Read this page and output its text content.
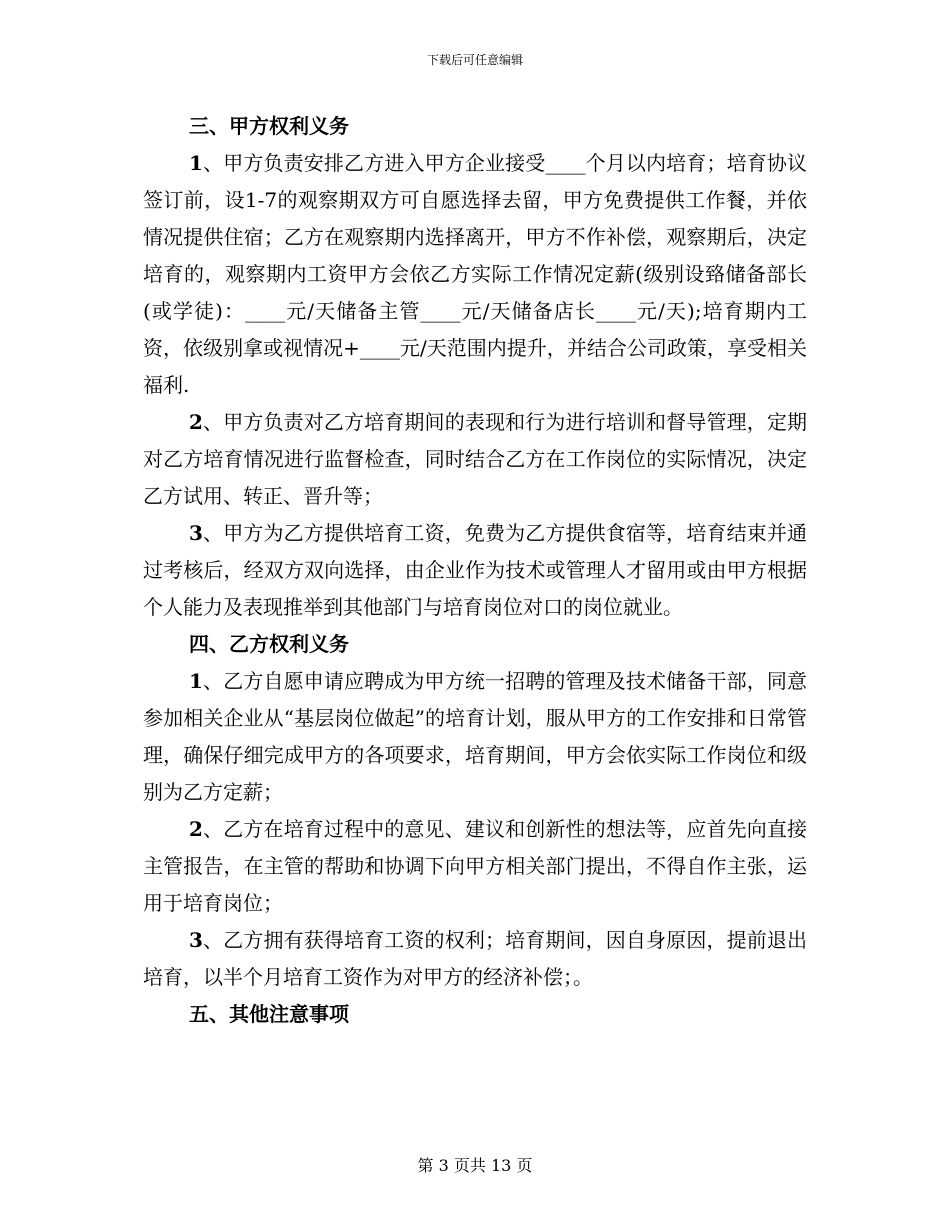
下载后可任意编辑

三、甲方权利义务

1、甲方负责安排乙方进入甲方企业接受____个月以内培育；培育协议签订前，设1-7的观察期双方可自愿选择去留，甲方免费提供工作餐，并依情况提供住宿；乙方在观察期内选择离开，甲方不作补偿，观察期后，决定培育的，观察期内工资甲方会依乙方实际工作情况定薪(级别设臵储备部长(或学徒)：____元/天储备主管____元/天储备店长____元/天);培育期内工资，依级别拿或视情况+____元/天范围内提升，并结合公司政策，享受相关福利.

2、甲方负责对乙方培育期间的表现和行为进行培训和督导管理，定期对乙方培育情况进行监督检查，同时结合乙方在工作岗位的实际情况，决定乙方试用、转正、晋升等；

3、甲方为乙方提供培育工资，免费为乙方提供食宿等，培育结束并通过考核后，经双方双向选择，由企业作为技术或管理人才留用或由甲方根据个人能力及表现推举到其他部门与培育岗位对口的岗位就业。

四、乙方权利义务

1、乙方自愿申请应聘成为甲方统一招聘的管理及技术储备干部，同意参加相关企业从“基层岗位做起”的培育计划，服从甲方的工作安排和日常管理，确保仔细完成甲方的各项要求，培育期间，甲方会依实际工作岗位和级别为乙方定薪；

2、乙方在培育过程中的意见、建议和创新性的想法等，应首先向直接主管报告，在主管的帮助和协调下向甲方相关部门提出，不得自作主张，运用于培育岗位；

3、乙方拥有获得培育工资的权利；培育期间，因自身原因，提前退出培育，以半个月培育工资作为对甲方的经济补偿；。

五、其他注意事项

第 3 页共 13 页
